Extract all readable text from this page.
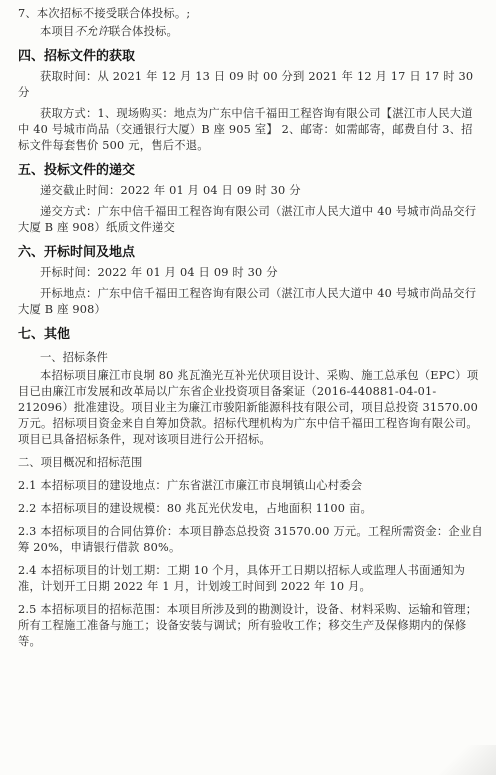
7、本次招标不接受联合体投标。;

本项目不允许联合体投标。

四、招标文件的获取

获取时间：从 2021 年 12 月 13 日 09 时 00 分到 2021 年 12 月 17 日 17 时 30 分

获取方式：1、现场购买：地点为广东中信千福田工程咨询有限公司【湛江市人民大道中 40 号城市尚品（交通银行大厦）B 座 905 室】 2、邮寄：如需邮寄，邮费自付 3、招标文件每套售价 500 元，售后不退。

五、投标文件的递交

递交截止时间：2022 年 01 月 04 日 09 时 30 分

递交方式：广东中信千福田工程咨询有限公司（湛江市人民大道中 40 号城市尚品交行大厦 B 座 908）纸质文件递交

六、开标时间及地点

开标时间：2022 年 01 月 04 日 09 时 30 分

开标地点：广东中信千福田工程咨询有限公司（湛江市人民大道中 40 号城市尚品交行大厦 B 座 908）

七、其他

一、招标条件

本招标项目廉江市良垌 80 兆瓦渔光互补光伏项目设计、采购、施工总承包（EPC）项目已由廉江市发展和改革局以广东省企业投资项目备案证（2016-440881-04-01-212096）批准建设。项目业主为廉江市骏阳新能源科技有限公司，项目总投资 31570.00 万元。招标项目资金来自自筹加贷款。招标代理机构为广东中信千福田工程咨询有限公司。项目已具备招标条件，现对该项目进行公开招标。

二、项目概况和招标范围

2.1 本招标项目的建设地点：广东省湛江市廉江市良垌镇山心村委会

2.2 本招标项目的建设规模：80 兆瓦光伏发电，占地面积 1100 亩。

2.3 本招标项目的合同估算价：本项目静态总投资 31570.00 万元。工程所需资金：企业自筹 20%，申请银行借款 80%。

2.4 本招标项目的计划工期：工期 10 个月，具体开工日期以招标人或监理人书面通知为准，计划开工日期 2022 年 1 月，计划竣工时间到 2022 年 10 月。

2.5 本招标项目的招标范围：本项目所涉及到的勘测设计，设备、材料采购、运输和管理；所有工程施工准备与施工；设备安装与调试；所有验收工作；移交生产及保修期内的保修等。
